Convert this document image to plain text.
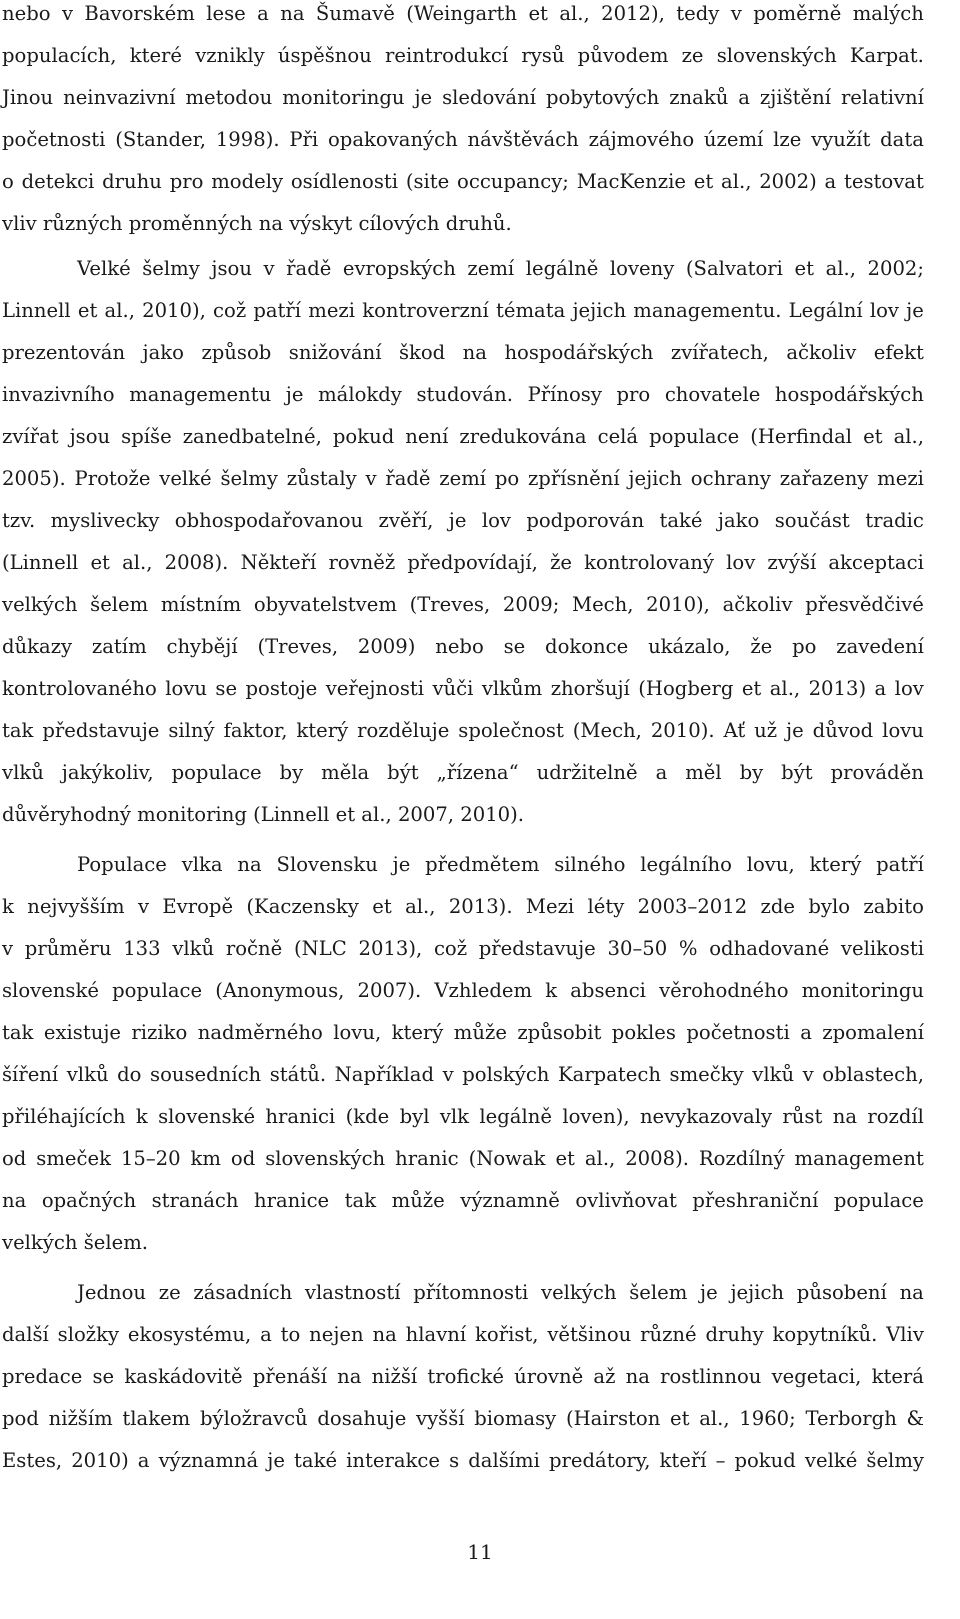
nebo v Bavorském lese a na Šumavě (Weingarth et al., 2012), tedy v poměrně malých
populacích, které vznikly úspěšnou reintrodukcí rysů původem ze slovenských Karpat.
Jinou neinvazivní metodou monitoringu je sledování pobytových znaků a zjištění relativní
početnosti (Stander, 1998). Při opakovaných návštěvách zájmového území lze využít data
o detekci druhu pro modely osídlenosti (site occupancy; MacKenzie et al., 2002) a testovat
vliv různých proměnných na výskyt cílových druhů.
Velké šelmy jsou v řadě evropských zemí legálně loveny (Salvatori et al., 2002;
Linnell et al., 2010), což patří mezi kontroverzní témata jejich managementu. Legální lov je
prezentován jako způsob snižování škod na hospodářských zvířatech, ačkoliv efekt
invazivního managementu je málokdy studován. Přínosy pro chovatele hospodářských
zvířat jsou spíše zanedbatelné, pokud není zredukována celá populace (Herfindal et al.,
2005). Protože velké šelmy zůstaly v řadě zemí po zpřísnění jejich ochrany zařazeny mezi
tzv. myslivecky obhospodařovanou zvěří, je lov podporován také jako součást tradic
(Linnell et al., 2008). Někteří rovněž předpovídají, že kontrolovaný lov zvýší akceptaci
velkých šelem místním obyvatelstvem (Treves, 2009; Mech, 2010), ačkoliv přesvědčivé
důkazy zatím chybějí (Treves, 2009) nebo se dokonce ukázalo, že po zavedení
kontrolovaného lovu se postoje veřejnosti vůči vlkům zhoršují (Hogberg et al., 2013) a lov
tak představuje silný faktor, který rozděluje společnost (Mech, 2010). Ať už je důvod lovu
vlků jakýkoliv, populace by měla být „řízena“ udržitelně a měl by být prováděn
důvěryhodný monitoring (Linnell et al., 2007, 2010).
Populace vlka na Slovensku je předmětem silného legálního lovu, který patří
k nejvyšším v Evropě (Kaczensky et al., 2013). Mezi léty 2003–2012 zde bylo zabito
v průměru 133 vlků ročně (NLC 2013), což představuje 30–50 % odhadované velikosti
slovenské populace (Anonymous, 2007). Vzhledem k absenci věrohodného monitoringu
tak existuje riziko nadměrného lovu, který může způsobit pokles početnosti a zpomalení
šíření vlků do sousedních států. Například v polských Karpatech smečky vlků v oblastech,
přiléhajících k slovenské hranici (kde byl vlk legálně loven), nevykazovaly růst na rozdíl
od smeček 15–20 km od slovenských hranic (Nowak et al., 2008). Rozdílný management
na opačných stranách hranice tak může významně ovlivňovat přeshraniční populace
velkých šelem.
Jednou ze zásadních vlastností přítomnosti velkých šelem je jejich působení na
další složky ekosystému, a to nejen na hlavní kořist, většinou různé druhy kopytníků. Vliv
predace se kaskádovitě přenáší na nižší trofické úrovně až na rostlinnou vegetaci, která
pod nižším tlakem býložravců dosahuje vyšší biomasy (Hairston et al., 1960; Terborgh &
Estes, 2010) a významná je také interakce s dalšími predátory, kteří – pokud velké šelmy
11
